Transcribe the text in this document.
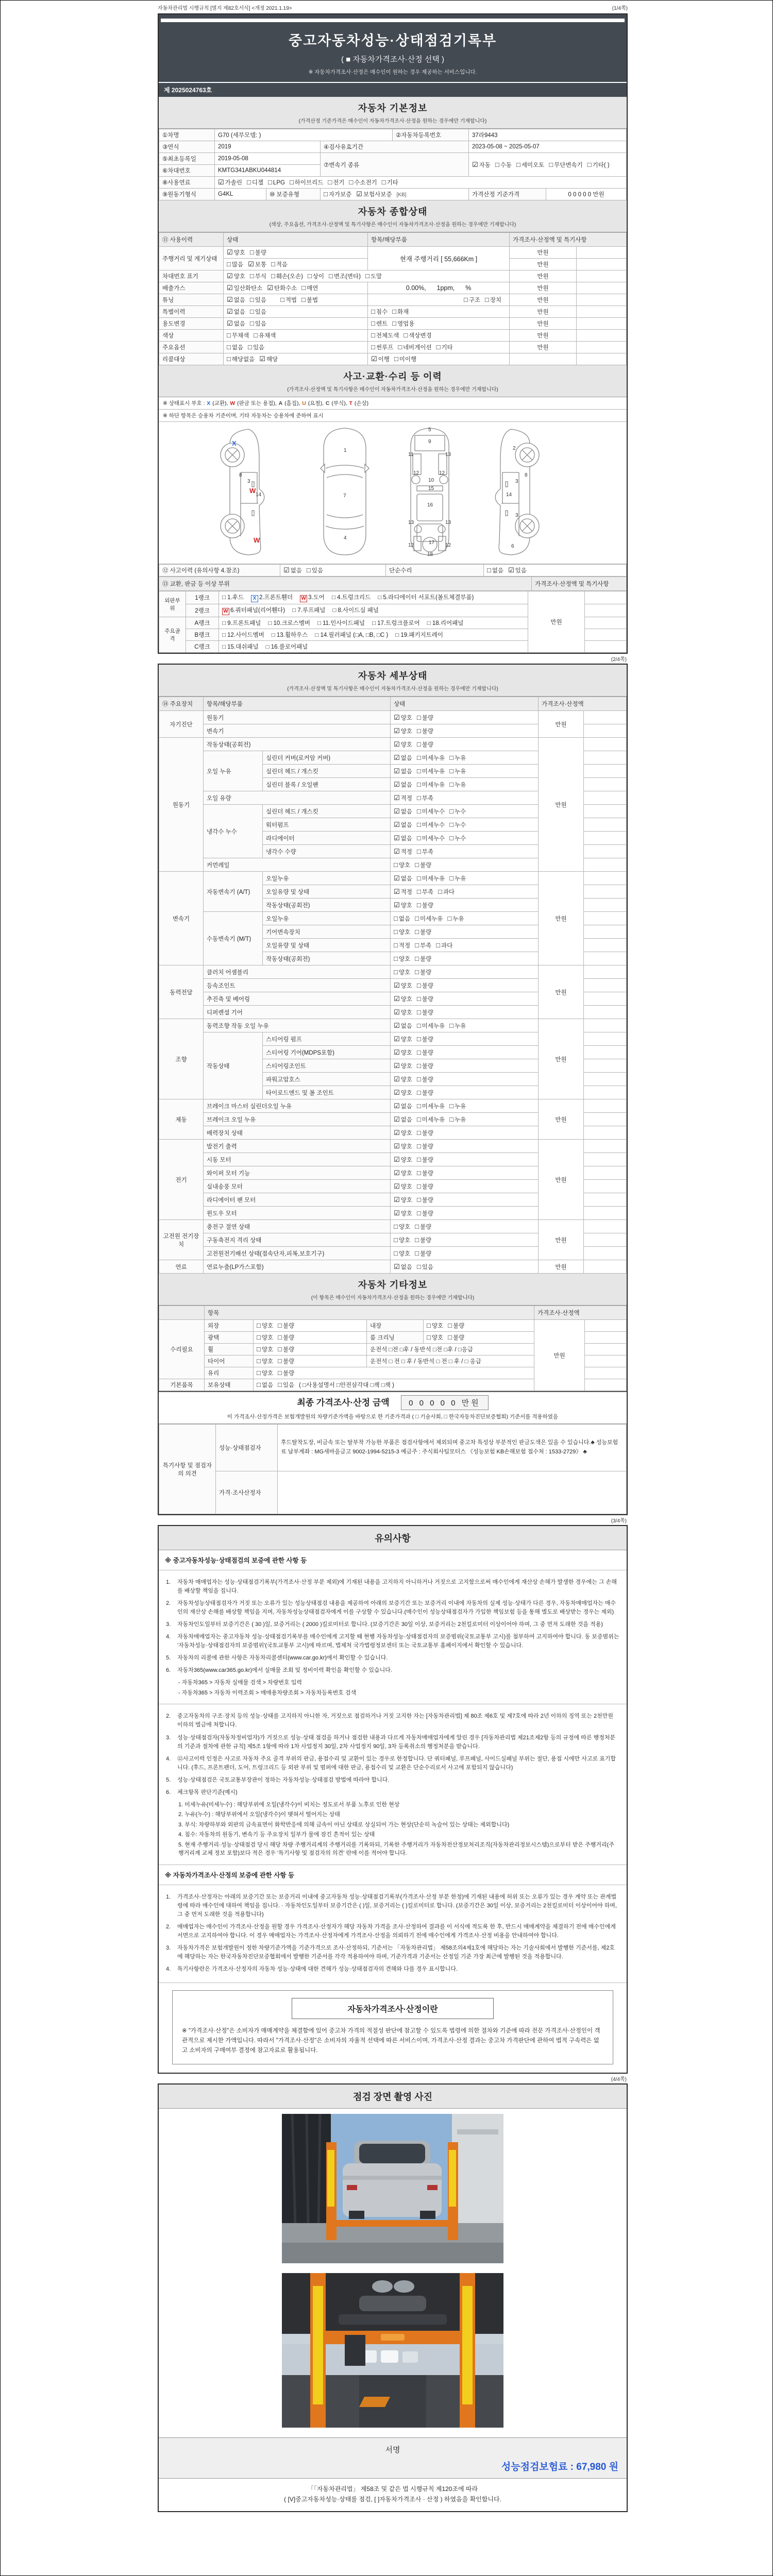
자동차관리법 시행규칙 [별지 제82호서식] <개정 2021.1.19>	(1/4쪽)
중고자동차성능·상태점검기록부
( ■ 자동차가격조사·산정 선택 )
※ 자동차가격조사·산정은 매수인이 원하는 경우 제공하는 서비스입니다.
제 2025024763호
자동차 기본정보
(가격산정 기준가격은 매수인이 자동차가격조사·산정을 원하는 경우에만 기재합니다)
①차명	G70 (세부모델: )			②자동차등록번호	37라9443	
③연식	2019		④검사유효기간		2023-05-08 ~ 2025-05-07	
⑤최초등록일	2019-05-08		⑦변속기 종류		☑ 자동 □ 수동 □ 세미오토 □ 무단변속기 □ 기타( )	
⑥차대번호	KMTG341ABKU044814					
⑧사용연료	☑ 가솔린 □ 디젤 □ LPG □ 하이브리드 □ 전기 □ 수소전기 □ 기타					
⑨원동기형식	G4KL	⑩ 보증유형	□ 자가보증 ☑ 보험사보증 [KB]		가격산정 기준가격	0 0 0 0 0 만원
자동차 종합상태
(색상, 주요옵션, 가격조사·산정액 및 특기사항은 매수인이 자동차가격조사·산정을 원하는 경우에만 기재합니다)
⑪ 사용이력	상태	항목/해당부품	가격조사·산정액 및 특기사항	
주행거리 및 계기상태	☑ 양호 □ 불량	현재 주행거리 [ 55,666Km ]	만원	
	□ 많음 ☑ 보통 □ 적음		만원	
차대번호 표기	☑ 양호 □ 부식 □ 훼손(오손) □ 상이 □ 변조(변타) □ 도말		만원	
배출가스	☑ 일산화탄소 ☑ 탄화수소 □ 매연	0.00%,      1ppm,      %	만원	
튜닝	☑ 없음 □ 있음 □ 적법 □ 불법	□ 구조 □ 장치	만원	
특별이력	☑ 없음 □ 있음	□ 침수 □ 화재	만원	
용도변경	☑ 없음 □ 있음	□ 렌트 □ 영업용	만원	
색상	□ 무채색 □ 유채색	□ 전체도색 □ 색상변경	만원	
주요옵션	□ 없음 □ 있음	□ 썬루프 □ 네비게이션 □ 기타	만원	
리콜대상	□ 해당없음 ☑ 해당	☑ 이행 □ 미이행		
사고·교환·수리 등 이력
(가격조사·산정액 및 특기사항은 매수인이 자동차가격조사·산정을 원하는 경우에만 기재합니다)
※ 상태표시 부호 : X (교환), W (판금 또는 용접), A (흠집), U (요철), C (부식), T (손상)
※ 하단 항목은 승용차 기준이며, 기타 자동차는 승용차에 준하여 표시
1
7
4
5
9
11	13
12	12
10
15
16
13	13
12	12
17
18
8
3
14
2
3
8
14
3
6
X
W
W
⑫ 사고이력 (유의사항 4.참조)	☑ 없음 □ 있음	단순수리	□ 없음 ☑ 있음
⑬ 교환, 판금 등 이상 부위	가격조사·산정액 및 특기사항
외판부위	1랭크	□ 1.후드 X 2.프론트휀더 W 3.도어 □ 4.트렁크리드 □ 5.라디에이터 서포트(볼트체결부품)	만원	
	2랭크	W 6.쿼터패널(리어휀다) □ 7.루프패널 □ 8.사이드실 패널		
주요골격	A랭크	□ 9.프론트패널 □ 10.크로스멤버 □ 11.인사이드패널 □ 17.트렁크플로어 □ 18.리어패널		
	B랭크	□ 12.사이드멤버 □ 13.휠하우스 □ 14.필러패널 (□A, □B, □C ) □ 19.패키지트레이		
	C랭크	□ 15.대쉬패널 □ 16.플로어패널		
(2/4쪽)
자동차 세부상태
(가격조사·산정액 및 특기사항은 매수인이 자동차가격조사·산정을 원하는 경우에만 기재합니다)
⑭ 주요장치	항목/해당부품		상태	가격조사·산정액	
자기진단	원동기		☑ 양호 □ 불량	만원	
	변속기		☑ 양호 □ 불량		
원동기	작동상태(공회전)		☑ 양호 □ 불량	만원	
	오일 누유	실린더 커버(로커암 커버)	☑ 없음 □ 미세누유 □ 누유		
		실린더 헤드 / 개스킷	☑ 없음 □ 미세누유 □ 누유		
		실린더 블록 / 오일팬	☑ 없음 □ 미세누유 □ 누유		
	오일 유량		☑ 적정 □ 부족		
	냉각수 누수	실린더 헤드 / 개스킷	☑ 없음 □ 미세누수 □ 누수		
		워터펌프	☑ 없음 □ 미세누수 □ 누수		
		라디에이터	☑ 없음 □ 미세누수 □ 누수		
		냉각수 수량	☑ 적정 □ 부족		
	커먼레일		□ 양호 □ 불량		
변속기	자동변속기 (A/T)	오일누유	☑ 없음 □ 미세누유 □ 누유	만원	
		오일유량 및 상태	☑ 적정 □ 부족 □ 과다		
		작동상태(공회전)	☑ 양호 □ 불량		
	수동변속기 (M/T)	오일누유	□ 없음 □ 미세누유 □ 누유		
		기어변속장치	□ 양호 □ 불량		
		오일유량 및 상태	□ 적정 □ 부족 □ 과다		
		작동상태(공회전)	□ 양호 □ 불량		
동력전달	클러치 어셈블리		□ 양호 □ 불량	만원	
	등속조인트		☑ 양호 □ 불량		
	추진축 및 베어링		☑ 양호 □ 불량		
	디퍼렌셜 기어		☑ 양호 □ 불량		
조향	동력조향 작동 오일 누유		☑ 없음 □ 미세누유 □ 누유	만원	
	작동상태	스티어링 펌프	☑ 양호 □ 불량		
		스티어링 기어(MDPS포함)	☑ 양호 □ 불량		
		스티어링조인트	☑ 양호 □ 불량		
		파워고압호스	☑ 양호 □ 불량		
		타이로드엔드 및 볼 조인트	☑ 양호 □ 불량		
제동	브레이크 마스터 실린더오일 누유		☑ 없음 □ 미세누유 □ 누유	만원	
	브레이크 오일 누유		☑ 없음 □ 미세누유 □ 누유		
	배력장치 상태		☑ 양호 □ 불량		
전기	발전기 출력		☑ 양호 □ 불량	만원	
	시동 모터		☑ 양호 □ 불량		
	와이퍼 모터 기능		☑ 양호 □ 불량		
	실내송풍 모터		☑ 양호 □ 불량		
	라디에이터 팬 모터		☑ 양호 □ 불량		
	윈도우 모터		☑ 양호 □ 불량		
고전원 전기장치	충전구 절연 상태		□ 양호 □ 불량	만원	
	구동축전지 격리 상태		□ 양호 □ 불량		
	고전원전기배선 상태(접속단자,피복,보호기구)		□ 양호 □ 불량		
연료	연료누출(LP가스포함)		☑ 없음 □ 있음	만원	
자동차 기타정보
(이 항목은 매수인이 자동차가격조사·산정을 원하는 경우에만 기재합니다)
	항목				가격조사·산정액	
수리필요	외장	□ 양호 □ 불량	내장	□ 양호 □ 불량	만원	
	광택	□ 양호 □ 불량	룸 크리닝	□ 양호 □ 불량		
	휠	□ 양호 □ 불량	운전석 □전 □후 / 동반석 □전 □후 / □응급			
	타이어	□ 양호 □ 불량	운전석 □ 전 □ 후 / 동반석 □ 전 □ 후 / □ 응급			
	유리	□ 양호 □ 불량				
기본품목	보유상태	□ 없음 □ 있음 ( □사용설명서 □안전삼각대 □잭 □잭 )				
최종 가격조사·산정 금액 0 0 0 0 0 만원
이 가격조사·산정가격은 보험개발원의 차량기준가액을 바탕으로 한 기준가격과 ( □ 기술사회, □ 한국자동차진단보증협회) 기준서를 적용하였음
특기사항 및 점검자의 의견	성능·상태점검자	후드탈착도장, 비금속 또는 탈부착 가능한 부품은 점검사항에서 제외되며 중고차 특성상 부분적인 판금도색은 있을 수 있습니다.♣ 성능보험료 납부계좌 : MG새마을금고 9002-1994-5215-3 예금주 : 주식회사팀모터스 《성능보험 KB손해보험 접수처 : 1533-2729》 ♣
	가격·조사산정자	
(3/4쪽)
유의사항
※ 중고자동차성능·상태점검의 보증에 관한 사항 등
1.	자동차 매매업자는 성능·상태점검기록부(가격조사·산정 부분 제외)에 기재된 내용을 고지하지 아니하거나 거짓으로 고지함으로써 매수인에게 재산상 손해가 발생한 경우에는 그 손해를 배상할 책임을 집니다.
2.	자동차성능상태점검자가 거짓 또는 오류가 있는 성능상태점검 내용을 제공하여 아래의 보증기간 또는 보증거리 이내에 자동차의 실제 성능·상태가 다른 경우, 자동차매매업자는 매수인의 재산상 손해를 배상할 책임을 지며, 자동차성능상태점검자에게 이를 구상할 수 있습니다.(매수인이 성능상태점검자가 가입한 책임보험 등을 통해 별도로 배상받는 경우는 제외)
3.	자동차인도일부터 보증기간은 ( 30 )일, 보증거리는 ( 2000 )킬로미터로 합니다. (보증기간은 30일 이상, 보증거리는 2천킬로미터 이상이어야 하며, 그 중 먼저 도래한 것을 적용)
4.	자동차매매업자는 중고자동차 성능·상태점검기록부를 매수인에게 고지할 때 현행 자동차성능·상태점검자의 보증범위(국토교통부 고시)를 첨부하여 고지하여야 합니다. 동 보증범위는 '자동차성능·상태점검자의 보증범위'(국토교통부 고시)에 따르며, 법제처 국가법령정보센터 또는 국토교통부 홈페이지에서 확인할 수 있습니다.
5.	자동차의 리콜에 관한 사항은 자동차리콜센터(www.car.go.kr)에서 확인할 수 있습니다.
6.	자동차365(www.car365.go.kr)에서 실매물 조회 및 정비이력 확인을 확인할 수 있습니다.
- 자동차365 > 자동차 실매물 검색 > 차량번호 입력
- 자동차365 > 자동차 이력조회 > 매매용차량조회 > 자동차등록번호 검색
2.	중고자동차의 구조·장치 등의 성능·상태를 고지하지 아니한 자, 거짓으로 점검하거나 거짓 고지한 자는 [자동차관리법] 제 80조 제6호 및 제7호에 따라 2년 이하의 징역 또는 2천만원 이하의 벌금에 처합니다.
3.	성능·상태점검자(자동차정비업자)가 거짓으로 성능·상태 점검을 하거나 점검한 내용과 다르게 자동차매매업자에게 알린 경우 [자동차관리법 제21조제2항 등의 규정에 따른 행정처분의 기준과 절차에 관한 규칙] 제5조 1항에 따라 1차 사업정지 30일, 2차 사업정지 90일, 3차 등록취소의 행정처분을 받습니다.
4.	⑫사고이력 인정은 사고로 자동차 주요 골격 부위의 판금, 용접수리 및 교환이 있는 경우로 한정합니다. 단 쿼터패널, 루프패널, 사이드실패널 부위는 절단, 용접 시에만 사고로 표기합니다. (후드, 프론트펜더, 도어, 트렁크리드 등 외판 부위 및 범퍼에 대한 판금, 용접수리 및 교환은 단순수리로서 사고에 포함되지 않습니다)
5.	성능·상태점검은 국토교통부장관이 정하는 자동차성능·상태점검 방법에 따라야 합니다.
6.	체크항목 판단기준(예시)
1. 미세누유(미세누수) : 해당부위에 오일(냉각수)이 비치는 정도로서 부품 노후로 인한 현상
2. 누유(누수) : 해당부위에서 오일(냉각수)이 맺혀서 떨어지는 상태
3. 부식: 차량하부와 외판의 금속표면이 화학반응에 의해 금속이 아닌 상태로 상실되어 가는 현상(단순히 녹슬어 있는 상태는 제외합니다)
4. 침수: 자동차의 원동기, 변속기 등 주요장치 일부가 물에 잠긴 흔적이 있는 상태
5. 현재 주행거리·성능·상태점검 당시 해당 차량 주행거리계의 주행거리를 기록하되, 기록한 주행거리가 자동차전산정보처리조직(자동차관리정보시스템)으로부터 받은 주행거리(주행거리계 교체 정보 포함)보다 적은 경우 '특기사항 및 점검자의 의견' 란에 이를 적어야 합니다.
※ 자동차가격조사·산정의 보증에 관한 사항 등
1.	가격조사·산정자는 아래의 보증기간 또는 보증거리 이내에 중고자동차 성능·상태점검기록부(가격조사·산정 부분 한정)에 기재된 내용에 허위 또는 오류가 있는 경우 계약 또는 관계법령에 따라 매수인에 대하여 책임을 집니다. · 자동차인도일부터 보증기간은 ( )일, 보증거리는 ( )킬로미터로 합니다. (보증기간은 30일 이상, 보증거리는 2천킬로미터 이상이어야 하며, 그 중 먼저 도래한 것을 적용합니다)
2.	매매업자는 매수인이 가격조사·산정을 원할 경우 가격조사·산정자가 해당 자동차 가격을 조사·산정하여 결과를 이 서식에 적도록 한 후, 반드시 매매계약을 체결하기 전에 매수인에게 서면으로 고지하여야 합니다. 이 경우 매매업자는 가격조사·산정자에게 가격조사·산정을 의뢰하기 전에 매수인에게 가격조사·산정 비용을 안내하여야 합니다.
3.	자동차가격은 보험개발원이 정한 차량기준가액을 기준가격으로 조사·산정하되, 기준서는 「자동차관리법」 제58조의4제1호에 해당하는 자는 기술사회에서 발행한 기준서를, 제2호에 해당하는 자는 한국자동차진단보증협회에서 발행한 기준서를 각각 적용하여야 하며, 기준가격과 기준서는 산정일 기준 가장 최근에 발행된 것을 적용합니다.
4.	특기사항란은 가격조사·산정자의 자동차 성능·상태에 대한 견해가 성능·상태점검자의 견해와 다를 경우 표시합니다.
자동차가격조사·산정이란
※ "가격조사·산정"은 소비자가 매매계약을 체결함에 있어 중고차 가격의 적절성 판단에 참고할 수 있도록 법령에 의한 절차와 기준에 따라 전문 가격조사·산정인이 객관적으로 제시한 가액입니다. 따라서 "가격조사·산정"은 소비자의 자율적 선택에 따른 서비스이며, 가격조사·산정 결과는 중고차 가격판단에 관하여 법적 구속력은 없고 소비자의 구매여부 결정에 참고자료로 활용됩니다.
(4/4쪽)
점검 장면 촬영 사진
서명
성능점검보험료 : 67,980 원
「「자동차관리법」 제58조 및 같은 법 시행규칙 제120조에 따라
( [V]중고자동차성능·상태를 점검, [ ]자동차가격조사 · 산정 ) 하였음을 확인합니다.
